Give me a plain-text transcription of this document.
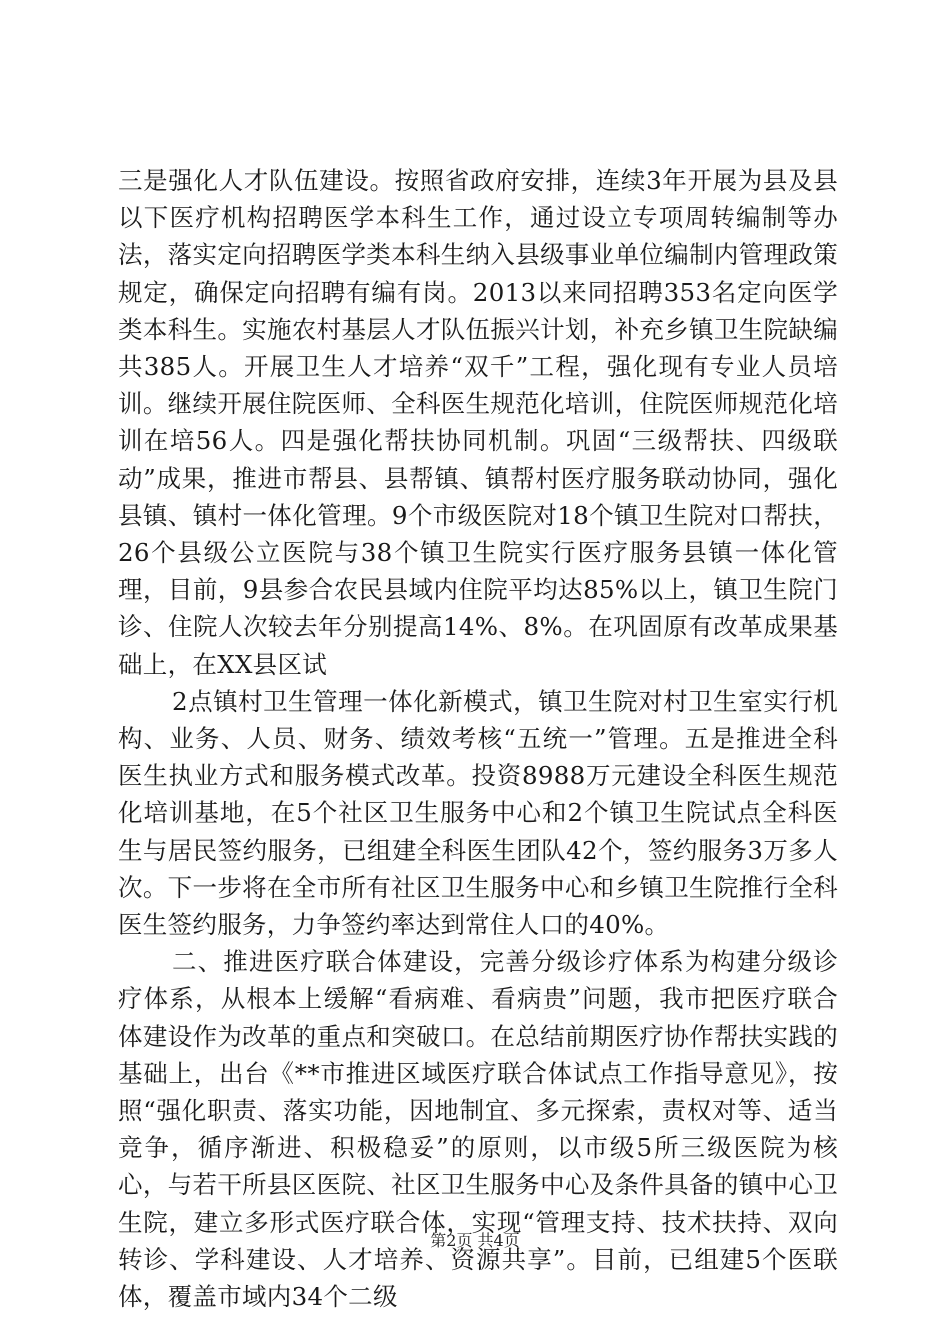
三是强化人才队伍建设。按照省政府安排，连续3年开展为县及县以下医疗机构招聘医学本科生工作，通过设立专项周转编制等办法，落实定向招聘医学类本科生纳入县级事业单位编制内管理政策规定，确保定向招聘有编有岗。2013以来同招聘353名定向医学类本科生。实施农村基层人才队伍振兴计划，补充乡镇卫生院缺编共385人。开展卫生人才培养“双千”工程，强化现有专业人员培训。继续开展住院医师、全科医生规范化培训，住院医师规范化培训在培56人。四是强化帮扶协同机制。巩固“三级帮扶、四级联动”成果，推进市帮县、县帮镇、镇帮村医疗服务联动协同，强化县镇、镇村一体化管理。9个市级医院对18个镇卫生院对口帮扶，26个县级公立医院与38个镇卫生院实行医疗服务县镇一体化管理，目前，9县参合农民县域内住院平均达85%以上，镇卫生院门诊、住院人次较去年分别提高14%、8%。在巩固原有改革成果基础上，在XX县区试

2点镇村卫生管理一体化新模式，镇卫生院对村卫生室实行机构、业务、人员、财务、绩效考核“五统一”管理。五是推进全科医生执业方式和服务模式改革。投资8988万元建设全科医生规范化培训基地，在5个社区卫生服务中心和2个镇卫生院试点全科医生与居民签约服务，已组建全科医生团队42个，签约服务3万多人次。下一步将在全市所有社区卫生服务中心和乡镇卫生院推行全科医生签约服务，力争签约率达到常住人口的40%。

二、推进医疗联合体建设，完善分级诊疗体系为构建分级诊疗体系，从根本上缓解“看病难、看病贵”问题，我市把医疗联合体建设作为改革的重点和突破口。在总结前期医疗协作帮扶实践的基础上，出台《**市推进区域医疗联合体试点工作指导意见》，按照“强化职责、落实功能，因地制宜、多元探索，责权对等、适当竞争，循序渐进、积极稳妥”的原则，以市级5所三级医院为核心，与若干所县区医院、社区卫生服务中心及条件具备的镇中心卫生院，建立多形式医疗联合体，实现“管理支持、技术扶持、双向转诊、学科建设、人才培养、资源共享”。目前，已组建5个医联体，覆盖市域内34个二级

第2页 共4页
